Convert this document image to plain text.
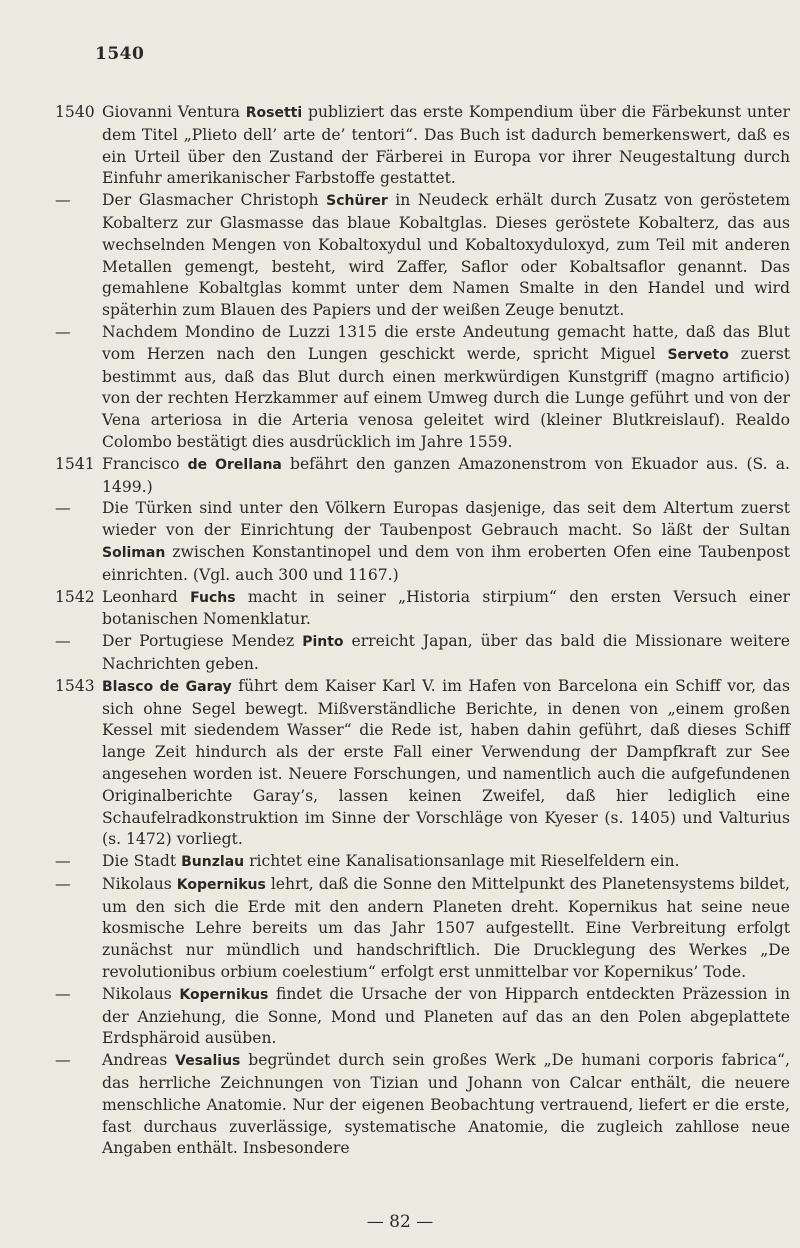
1540
1540 Giovanni Ventura Rosetti publiziert das erste Kompendium über die Färbekunst unter dem Titel „Plieto dell’ arte de’ tentori“. Das Buch ist dadurch bemerkenswert, daß es ein Urteil über den Zustand der Färberei in Europa vor ihrer Neugestaltung durch Einfuhr amerikanischer Farbstoffe gestattet.
—	Der Glasmacher Christoph Schürer in Neudeck erhält durch Zusatz von geröstetem Kobalterz zur Glasmasse das blaue Kobaltglas. Dieses geröstete Kobalterz, das aus wechselnden Mengen von Kobaltoxydul und Kobaltoxyduloxyd, zum Teil mit anderen Metallen gemengt, besteht, wird Zaffer, Saflor oder Kobaltsaflor genannt. Das gemahlene Kobaltglas kommt unter dem Namen Smalte in den Handel und wird späterhin zum Blauen des Papiers und der weißen Zeuge benutzt.
—	Nachdem Mondino de Luzzi 1315 die erste Andeutung gemacht hatte, daß das Blut vom Herzen nach den Lungen geschickt werde, spricht Miguel Serveto zuerst bestimmt aus, daß das Blut durch einen merkwürdigen Kunstgriff (magno artificio) von der rechten Herzkammer auf einem Umweg durch die Lunge geführt und von der Vena arteriosa in die Arteria venosa geleitet wird (kleiner Blutkreislauf). Realdo Colombo bestätigt dies ausdrücklich im Jahre 1559.
1541 Francisco de Orellana befährt den ganzen Amazonenstrom von Ekuador aus. (S. a. 1499.)
—	Die Türken sind unter den Völkern Europas dasjenige, das seit dem Altertum zuerst wieder von der Einrichtung der Taubenpost Gebrauch macht. So läßt der Sultan Soliman zwischen Konstantinopel und dem von ihm eroberten Ofen eine Taubenpost einrichten. (Vgl. auch 300 und 1167.)
1542 Leonhard Fuchs macht in seiner „Historia stirpium“ den ersten Versuch einer botanischen Nomenklatur.
—	Der Portugiese Mendez Pinto erreicht Japan, über das bald die Missionare weitere Nachrichten geben.
1543 Blasco de Garay führt dem Kaiser Karl V. im Hafen von Barcelona ein Schiff vor, das sich ohne Segel bewegt. Mißverständliche Berichte, in denen von „einem großen Kessel mit siedendem Wasser“ die Rede ist, haben dahin geführt, daß dieses Schiff lange Zeit hindurch als der erste Fall einer Verwendung der Dampfkraft zur See angesehen worden ist. Neuere Forschungen, und namentlich auch die aufgefundenen Originalberichte Garay’s, lassen keinen Zweifel, daß hier lediglich eine Schaufelradkonstruktion im Sinne der Vorschläge von Kyeser (s. 1405) und Valturius (s. 1472) vorliegt.
—	Die Stadt Bunzlau richtet eine Kanalisationsanlage mit Rieselfeldern ein.
—	Nikolaus Kopernikus lehrt, daß die Sonne den Mittelpunkt des Planetensystems bildet, um den sich die Erde mit den andern Planeten dreht. Kopernikus hat seine neue kosmische Lehre bereits um das Jahr 1507 aufgestellt. Eine Verbreitung erfolgt zunächst nur mündlich und handschriftlich. Die Drucklegung des Werkes „De revolutionibus orbium coelestium“ erfolgt erst unmittelbar vor Kopernikus’ Tode.
—	Nikolaus Kopernikus findet die Ursache der von Hipparch entdeckten Präzession in der Anziehung, die Sonne, Mond und Planeten auf das an den Polen abgeplattete Erdsphäroid ausüben.
—	Andreas Vesalius begründet durch sein großes Werk „De humani corporis fabrica“, das herrliche Zeichnungen von Tizian und Johann von Calcar enthält, die neuere menschliche Anatomie. Nur der eigenen Beobachtung vertrauend, liefert er die erste, fast durchaus zuverlässige, systematische Anatomie, die zugleich zahllose neue Angaben enthält. Insbesondere
— 82 —
